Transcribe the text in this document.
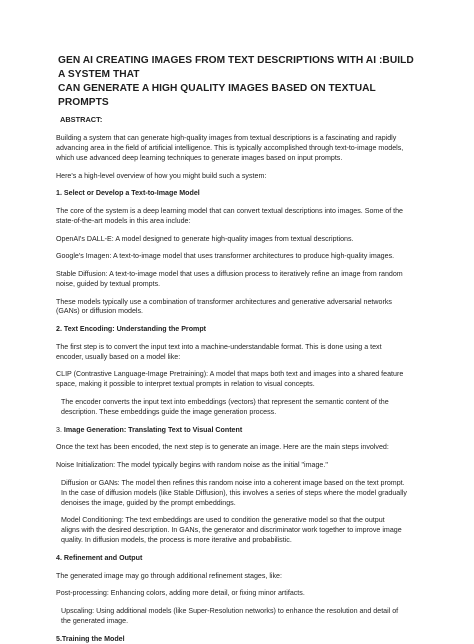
GEN AI CREATING IMAGES FROM TEXT DESCRIPTIONS WITH AI :BUILD A SYSTEM THAT
CAN GENERATE A HIGH QUALITY IMAGES BASED ON TEXTUAL PROMPTS
ABSTRACT:

Building a system that can generate high-quality images from textual descriptions is a fascinating and rapidly
advancing area in the field of artificial intelligence. This is typically accomplished through text-to-image models,
which use advanced deep learning techniques to generate images based on input prompts.

Here's a high-level overview of how you might build such a system:

1. Select or Develop a Text-to-Image Model

The core of the system is a deep learning model that can convert textual descriptions into images. Some of the
state-of-the-art models in this area include:

OpenAI's DALL-E: A model designed to generate high-quality images from textual descriptions.

Google's Imagen: A text-to-image model that uses transformer architectures to produce high-quality images.

Stable Diffusion: A text-to-image model that uses a diffusion process to iteratively refine an image from random
noise, guided by textual prompts.

These models typically use a combination of transformer architectures and generative adversarial networks
(GANs) or diffusion models.

2. Text Encoding: Understanding the Prompt

The first step is to convert the input text into a machine-understandable format. This is done using a text
encoder, usually based on a model like:

CLIP (Contrastive Language-Image Pretraining): A model that maps both text and images into a shared feature
space, making it possible to interpret textual prompts in relation to visual concepts.

The encoder converts the input text into embeddings (vectors) that represent the semantic content of the
description. These embeddings guide the image generation process.

3. Image Generation: Translating Text to Visual Content

Once the text has been encoded, the next step is to generate an image. Here are the main steps involved:

Noise Initialization: The model typically begins with random noise as the initial "image."

Diffusion or GANs: The model then refines this random noise into a coherent image based on the text prompt.
In the case of diffusion models (like Stable Diffusion), this involves a series of steps where the model gradually
denoises the image, guided by the prompt embeddings.

Model Conditioning: The text embeddings are used to condition the generative model so that the output
aligns with the desired description. In GANs, the generator and discriminator work together to improve image
quality. In diffusion models, the process is more iterative and probabilistic.

4. Refinement and Output

The generated image may go through additional refinement stages, like:

Post-processing: Enhancing colors, adding more detail, or fixing minor artifacts.

Upscaling: Using additional models (like Super-Resolution networks) to enhance the resolution and detail of
the generated image.

5.Training the Model
